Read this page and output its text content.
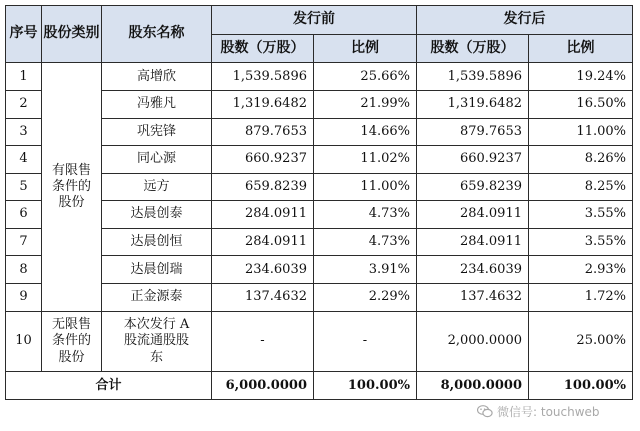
序号	股份类别	股东名称	发行前		发行后	
			股数（万股）	比例	股数（万股）	比例
1	有限售条件的股份	高增欣	1,539.5896	25.66%	1,539.5896	19.24%
2		冯雅凡	1,319.6482	21.99%	1,319.6482	16.50%
3		巩宪锋	879.7653	14.66%	879.7653	11.00%
4		同心源	660.9237	11.02%	660.9237	8.26%
5		远方	659.8239	11.00%	659.8239	8.25%
6		达晨创泰	284.0911	4.73%	284.0911	3.55%
7		达晨创恒	284.0911	4.73%	284.0911	3.55%
8		达晨创瑞	234.6039	3.91%	234.6039	2.93%
9		正金源泰	137.4632	2.29%	137.4632	1.72%
10	无限售条件的股份	本次发行 A 股流通股股东	-	-	2,000.0000	25.00%
合计			6,000.0000	100.00%	8,000.0000	100.00%
微信号: touchweb
